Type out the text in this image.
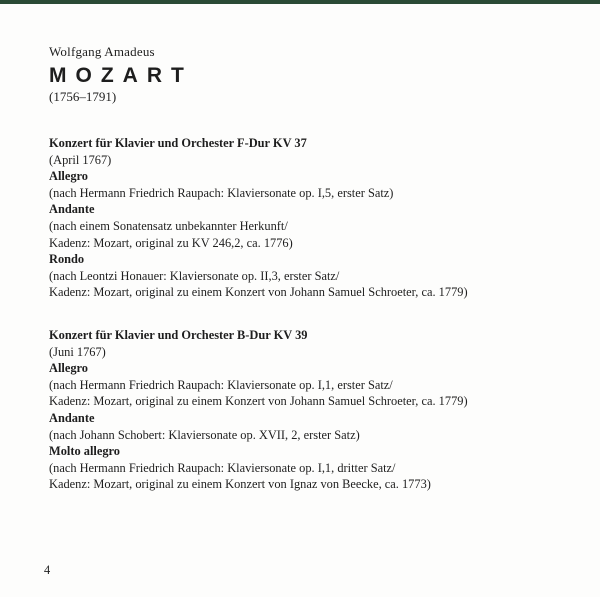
Wolfgang Amadeus

MOZART

(1756–1791)

Konzert für Klavier und Orchester F-Dur KV 37
(April 1767)
Allegro
(nach Hermann Friedrich Raupach: Klaviersonate op. I,5, erster Satz)
Andante
(nach einem Sonatensatz unbekannter Herkunft/
Kadenz: Mozart, original zu KV 246,2, ca. 1776)
Rondo
(nach Leontzi Honauer: Klaviersonate op. II,3, erster Satz/
Kadenz: Mozart, original zu einem Konzert von Johann Samuel Schroeter, ca. 1779)
Konzert für Klavier und Orchester B-Dur KV 39
(Juni 1767)
Allegro
(nach Hermann Friedrich Raupach: Klaviersonate op. I,1, erster Satz/
Kadenz: Mozart, original zu einem Konzert von Johann Samuel Schroeter, ca. 1779)
Andante
(nach Johann Schobert: Klaviersonate op. XVII, 2, erster Satz)
Molto allegro
(nach Hermann Friedrich Raupach: Klaviersonate op. I,1, dritter Satz/
Kadenz: Mozart, original zu einem Konzert von Ignaz von Beecke, ca. 1773)
4
